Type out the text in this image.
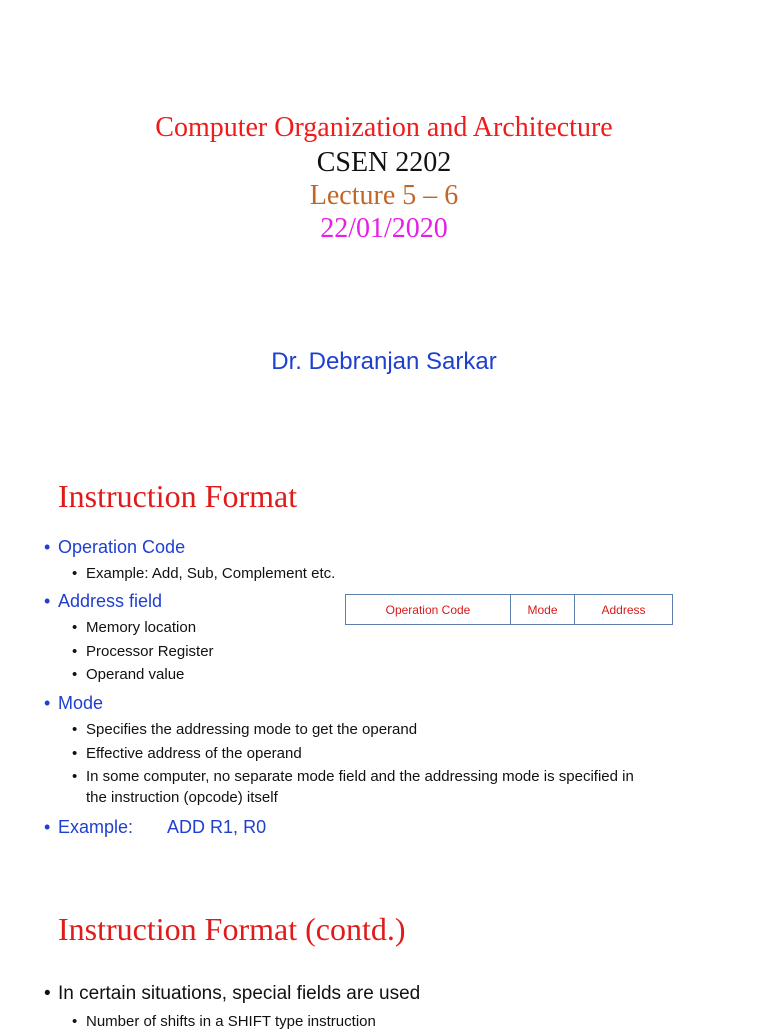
Computer Organization and Architecture
CSEN 2202
Lecture 5 – 6
22/01/2020
Dr. Debranjan Sarkar
Instruction Format
• Operation Code
• Example: Add, Sub, Complement etc.
• Address field
• Memory location
• Processor Register
• Operand value
Operation Code	Mode	Address
• Mode
• Specifies the addressing mode to get the operand
• Effective address of the operand
• In some computer, no separate mode field and the addressing mode is specified in
the instruction (opcode) itself
• Example: ADD R1, R0
Instruction Format (contd.)
• In certain situations, special fields are used
• Number of shifts in a SHIFT type instruction
